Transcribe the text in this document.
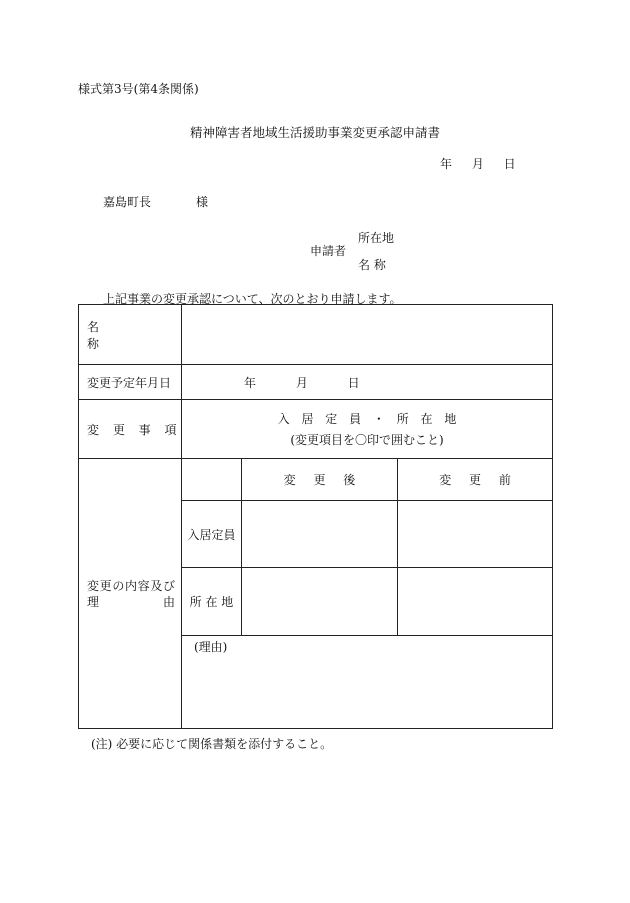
様式第3号(第4条関係)
精神障害者地域生活援助事業変更承認申請書
年 月 日
嘉島町長	様
申請者
所在地
名 称
上記事業の変更承認について、次のとおり申請します。
名 称			
変更予定年月日	年 月 日		
変 更 事 項	入 居 定 員 ・ 所 在 地
(変更項目を〇印で囲むこと)		

変更の内容及び理 由		変 更 後	変 更 前
	入居定員		
	所 在 地		
	(理由)		
(注) 必要に応じて関係書類を添付すること。
